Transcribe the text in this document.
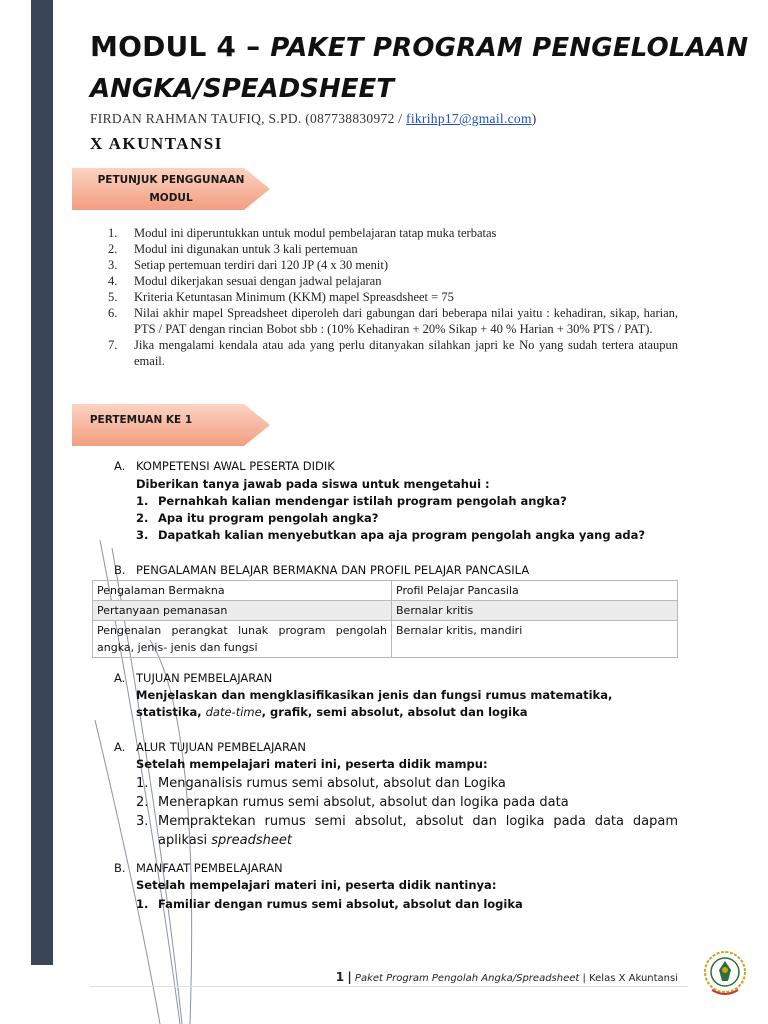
MODUL 4 – PAKET PROGRAM PENGELOLAAN
ANGKA/SPEADSHEET
FIRDAN RAHMAN TAUFIQ, S.PD. (087738830972 / fikrihp17@gmail.com)
X AKUNTANSI
PETUNJUK PENGGUNAAN
MODUL
1. Modul ini diperuntukkan untuk modul pembelajaran tatap muka terbatas
2. Modul ini digunakan untuk 3 kali pertemuan
3. Setiap pertemuan terdiri dari 120 JP (4 x 30 menit)
4. Modul dikerjakan sesuai dengan jadwal pelajaran
5. Kriteria Ketuntasan Minimum (KKM) mapel Spreasdsheet = 75
6. Nilai akhir mapel Spreadsheet diperoleh dari gabungan dari beberapa nilai yaitu : kehadiran, sikap, harian, PTS / PAT dengan rincian Bobot sbb : (10% Kehadiran + 20% Sikap + 40 % Harian + 30% PTS / PAT).
7. Jika mengalami kendala atau ada yang perlu ditanyakan silahkan japri ke No yang sudah tertera ataupun email.
PERTEMUAN KE 1
A. KOMPETENSI AWAL PESERTA DIDIK
Diberikan tanya jawab pada siswa untuk mengetahui :
1. Pernahkah kalian mendengar istilah program pengolah angka?
2. Apa itu program pengolah angka?
3. Dapatkah kalian menyebutkan apa aja program pengolah angka yang ada?
B. PENGALAMAN BELAJAR BERMAKNA DAN PROFIL PELAJAR PANCASILA
Pengalaman Bermakna	Profil Pelajar Pancasila
Pertanyaan pemanasan	Bernalar kritis
Pengenalan perangkat lunak program pengolah angka, jenis- jenis dan fungsi	Bernalar kritis, mandiri
A. TUJUAN PEMBELAJARAN
Menjelaskan dan mengklasifikasikan jenis dan fungsi rumus matematika, statistika, date-time, grafik, semi absolut, absolut dan logika
A. ALUR TUJUAN PEMBELAJARAN
Setelah mempelajari materi ini, peserta didik mampu:
1. Menganalisis rumus semi absolut, absolut dan Logika
2. Menerapkan rumus semi absolut, absolut dan logika pada data
3. Mempraktekan rumus semi absolut, absolut dan logika pada data dapam aplikasi spreadsheet
B. MANFAAT PEMBELAJARAN
Setelah mempelajari materi ini, peserta didik nantinya:
1. Familiar dengan rumus semi absolut, absolut dan logika
1 | Paket Program Pengolah Angka/Spreadsheet | Kelas X Akuntansi
